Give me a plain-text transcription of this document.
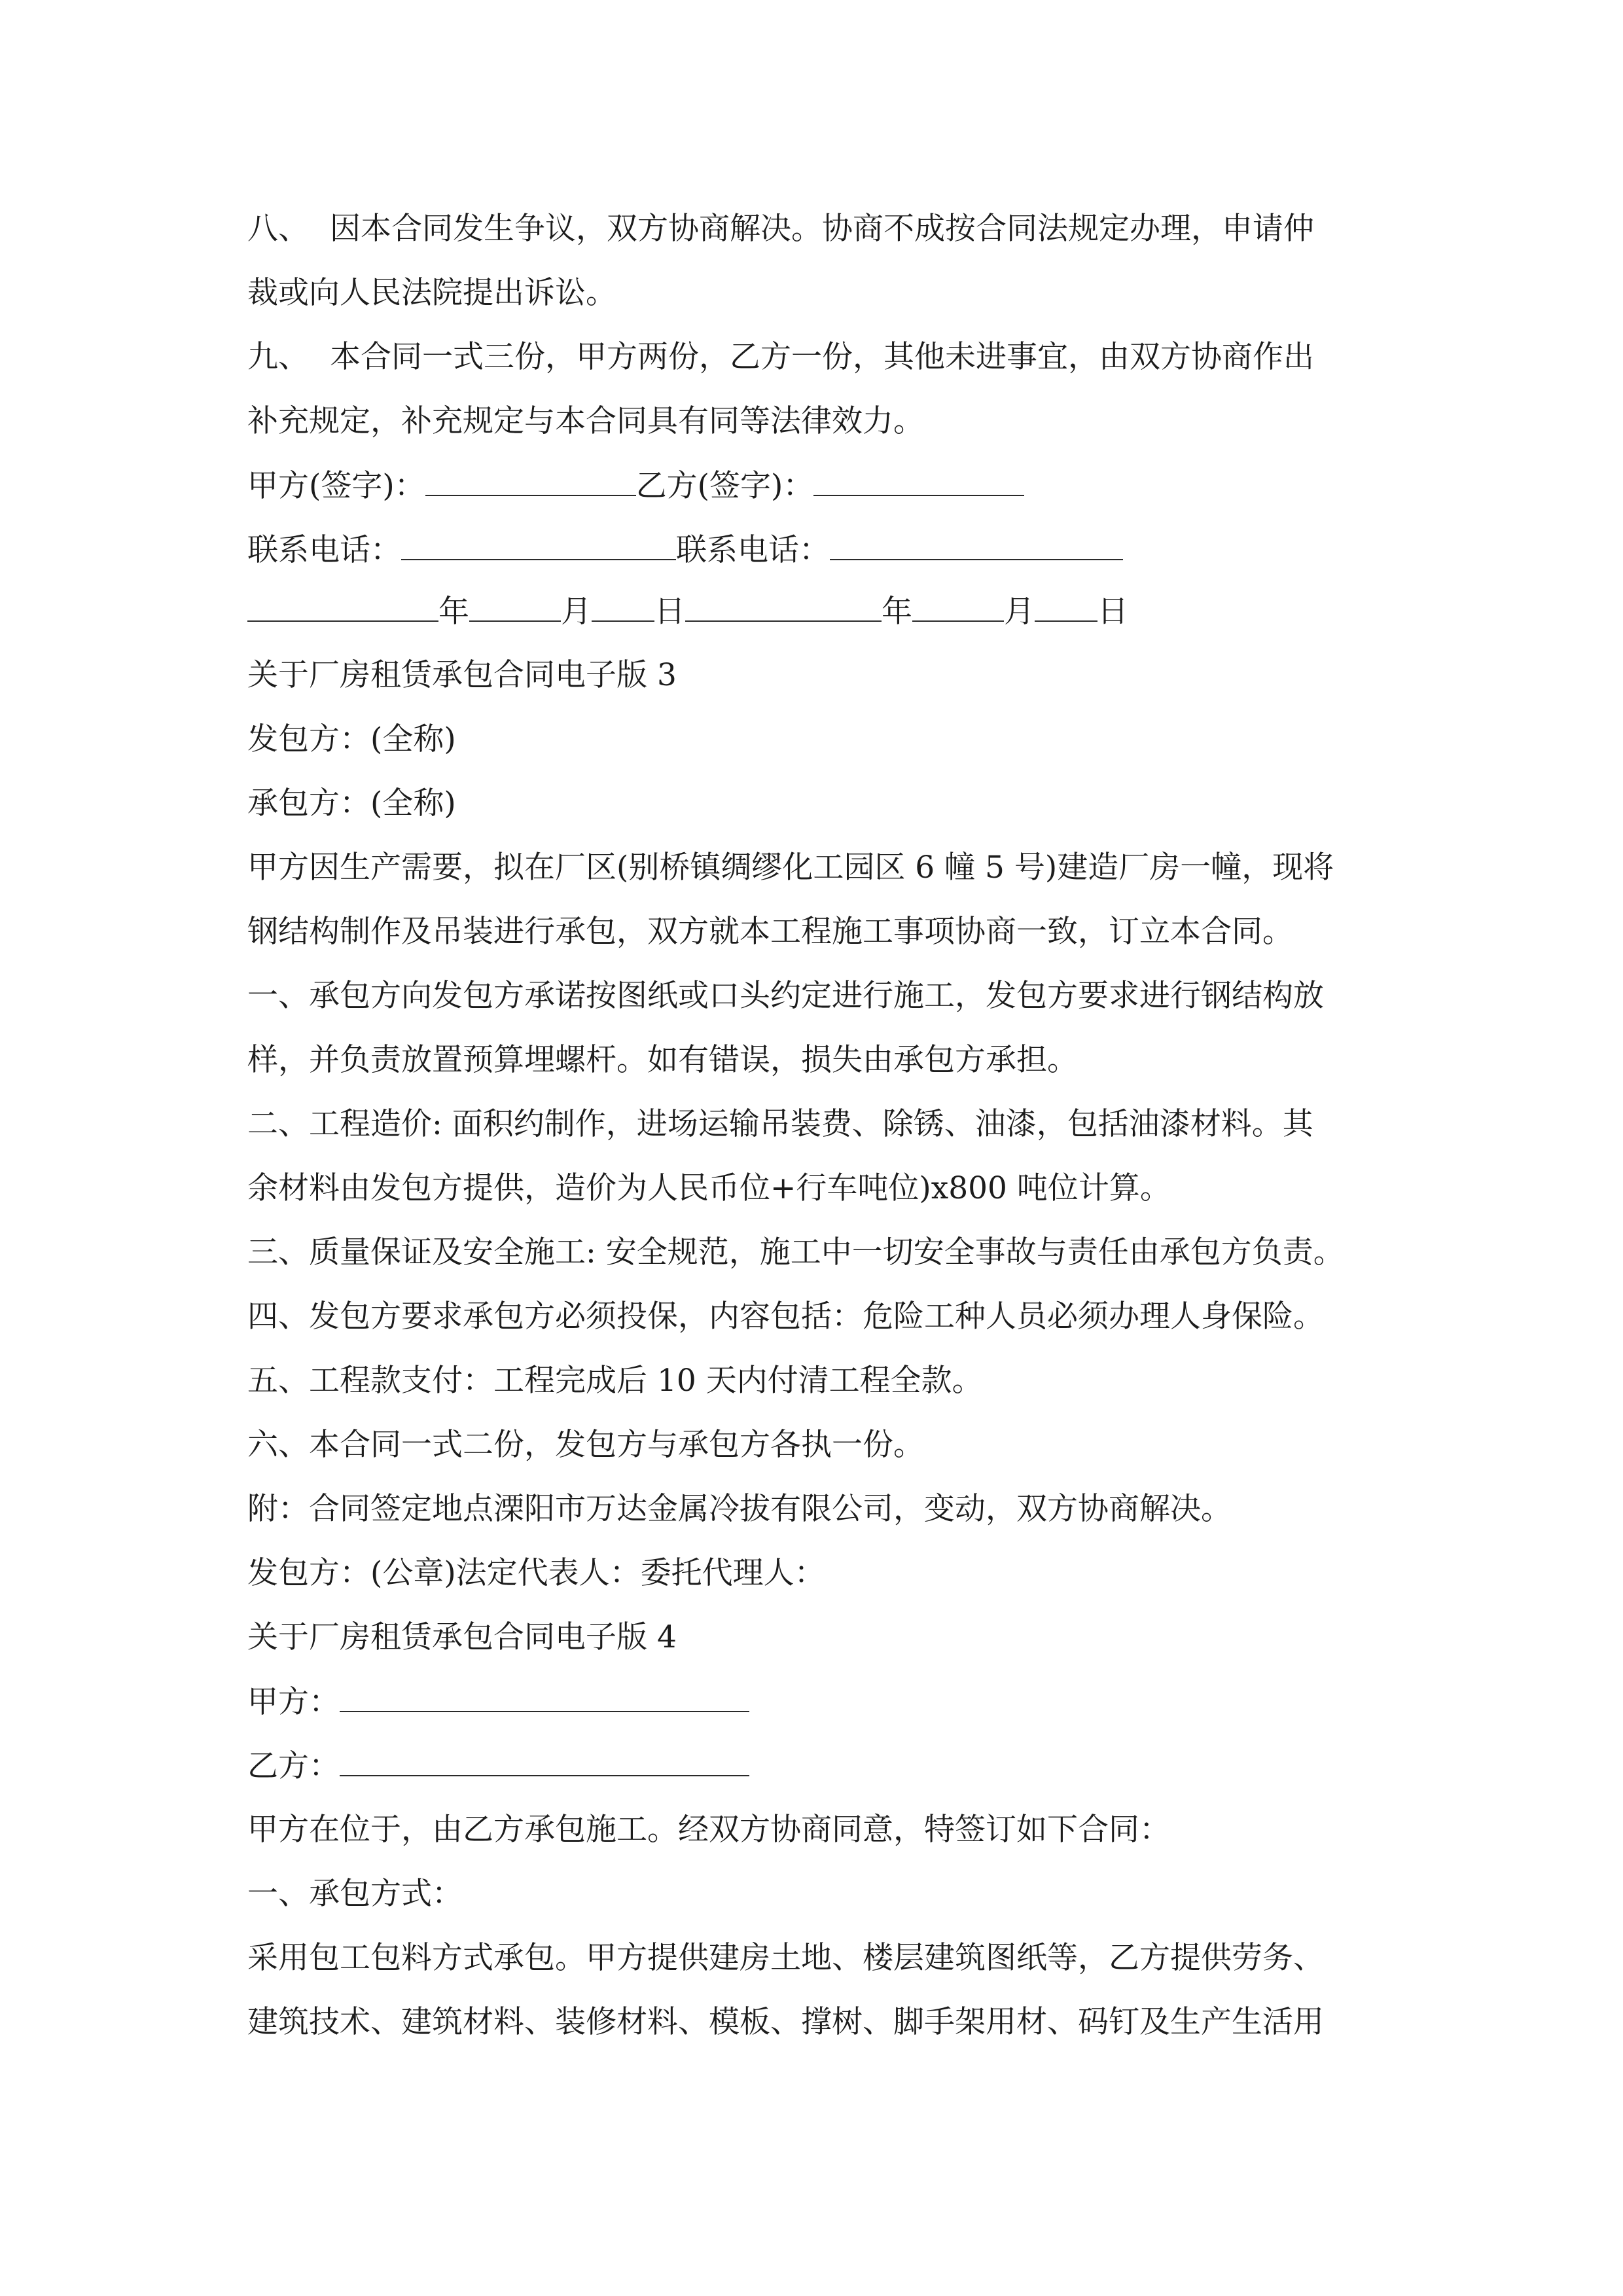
八、 因本合同发生争议，双方协商解决。协商不成按合同法规定办理，申请仲
裁或向人民法院提出诉讼。
九、 本合同一式三份，甲方两份，乙方一份，其他未进事宜，由双方协商作出
补充规定，补充规定与本合同具有同等法律效力。
甲方(签字)：	乙方(签字)：
联系电话：	联系电话：
年	月 日	年	月 日
关于厂房租赁承包合同电子版 3
发包方：(全称)
承包方：(全称)
甲方因生产需要，拟在厂区(别桥镇绸缪化工园区 6 幢 5 号)建造厂房一幢，现将
钢结构制作及吊装进行承包，双方就本工程施工事项协商一致，订立本合同。
一、承包方向发包方承诺按图纸或口头约定进行施工，发包方要求进行钢结构放
样，并负责放置预算埋螺杆。如有错误，损失由承包方承担。
二、工程造价: 面积约制作，进场运输吊装费、除锈、油漆，包括油漆材料。其
余材料由发包方提供，造价为人民币位+行车吨位)x800 吨位计算。
三、质量保证及安全施工: 安全规范，施工中一切安全事故与责任由承包方负责。
四、发包方要求承包方必须投保，内容包括：危险工种人员必须办理人身保险。
五、工程款支付：工程完成后 10 天内付清工程全款。
六、本合同一式二份，发包方与承包方各执一份。
附：合同签定地点溧阳市万达金属冷拔有限公司，变动，双方协商解决。
发包方：(公章)法定代表人：委托代理人：
关于厂房租赁承包合同电子版 4
甲方：
乙方：
甲方在位于，由乙方承包施工。经双方协商同意，特签订如下合同：
一、承包方式：
采用包工包料方式承包。甲方提供建房土地、楼层建筑图纸等，乙方提供劳务、
建筑技术、建筑材料、装修材料、模板、撑树、脚手架用材、码钉及生产生活用
